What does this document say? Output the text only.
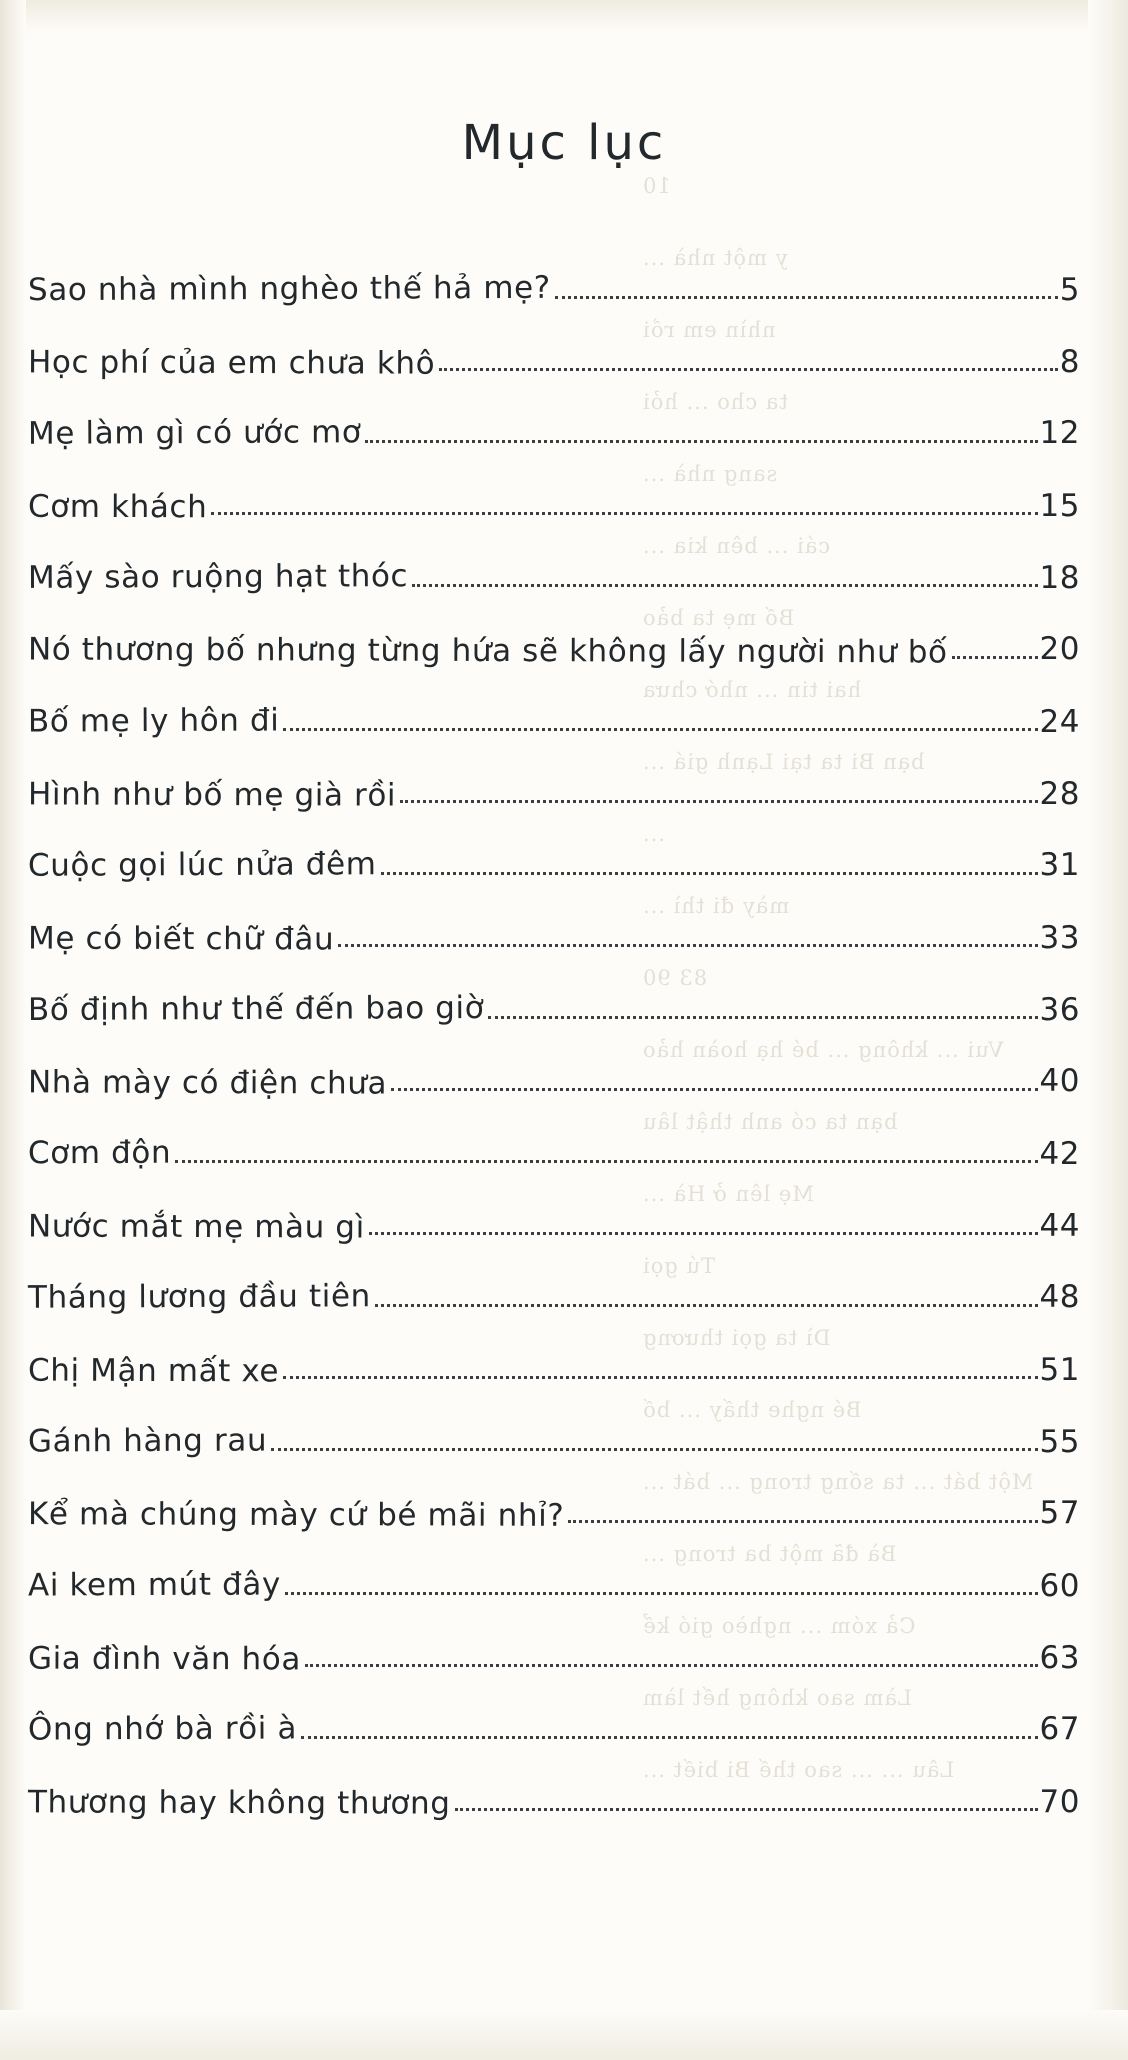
10
y một nhà ...
nhìn em rồi
ta cho ... hỏi
sang nhà ...
cái ... bên kia ...
Bố mẹ ta bảo
hai tin ... nhớ chưa
bạn Bi ta tại Lạnh giá ...
...
mày đi thì ...
83 90
Vui ... không ... bé hạ hoàn hảo
bạn ta có anh thật lâu
Mẹ lên ở Hà ...
Tú gọi
Dì ta gọi thương
Bé nghe thấy ... bố
Một bát ... ta sống trong ... bát ...
Bà đã một ba trong ...
Cả xóm ... nghèo gió kể
Làm sao không hết làm
Lâu ... ... sao thế Bi biết ...
Mục lục
Sao nhà mình nghèo thế hả mẹ?	5
Học phí của em chưa khô	8
Mẹ làm gì có ước mơ	12
Cơm khách	15
Mấy sào ruộng hạt thóc	18
Nó thương bố nhưng từng hứa sẽ không lấy người như bố	20
Bố mẹ ly hôn đi	24
Hình như bố mẹ già rồi	28
Cuộc gọi lúc nửa đêm	31
Mẹ có biết chữ đâu	33
Bố định như thế đến bao giờ	36
Nhà mày có điện chưa	40
Cơm độn	42
Nước mắt mẹ màu gì	44
Tháng lương đầu tiên	48
Chị Mận mất xe	51
Gánh hàng rau	55
Kể mà chúng mày cứ bé mãi nhỉ?	57
Ai kem mút đây	60
Gia đình văn hóa	63
Ông nhớ bà rồi à	67
Thương hay không thương	70
